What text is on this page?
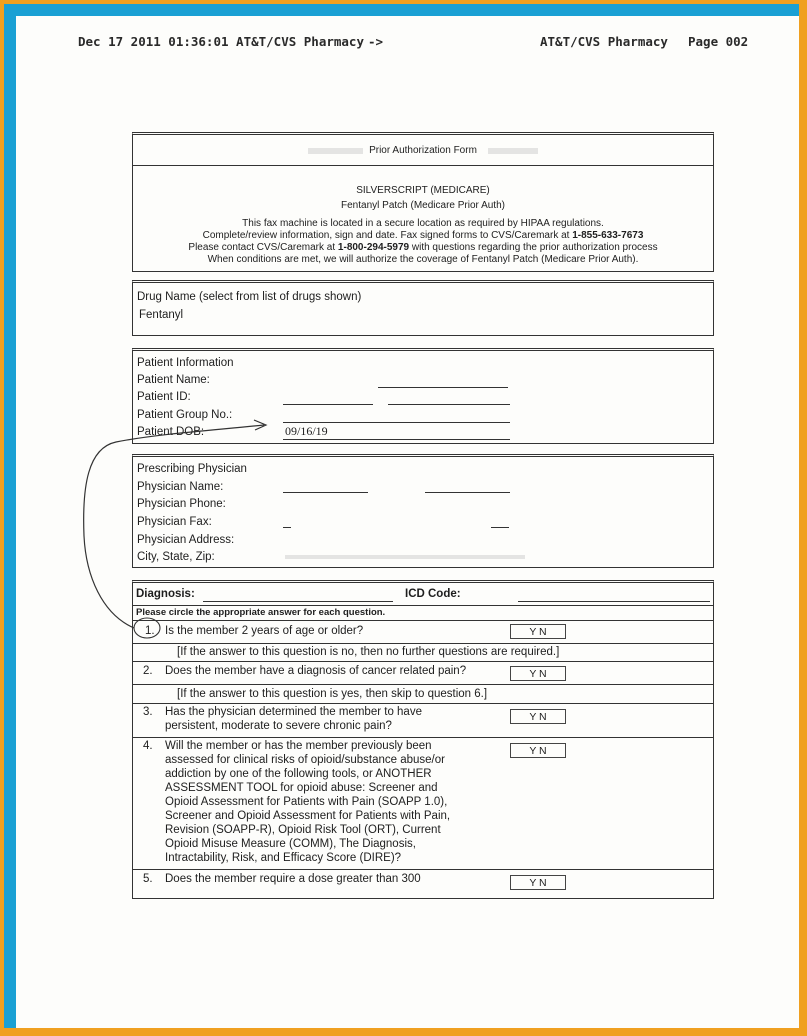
Dec 17 2011 01:36:01 AT&T/CVS Pharmacy ->	AT&T/CVS Pharmacy Page 002
Prior Authorization Form
SILVERSCRIPT (MEDICARE)
Fentanyl Patch (Medicare Prior Auth)
This fax machine is located in a secure location as required by HIPAA regulations.
Complete/review information, sign and date. Fax signed forms to CVS/Caremark at 1-855-633-7673
Please contact CVS/Caremark at 1-800-294-5979 with questions regarding the prior authorization process
When conditions are met, we will authorize the coverage of Fentanyl Patch (Medicare Prior Auth).
Drug Name (select from list of drugs shown)
Fentanyl
Patient Information
Patient Name:
Patient ID:
Patient Group No.:
Patient DOB:	09/16/19
Prescribing Physician
Physician Name:
Physician Phone:
Physician Fax:
Physician Address:
City, State, Zip:
Diagnosis:	ICD Code:
Please circle the appropriate answer for each question.
1. Is the member 2 years of age or older?	Y N
[If the answer to this question is no, then no further questions are required.]
2. Does the member have a diagnosis of cancer related pain?	Y N
[If the answer to this question is yes, then skip to question 6.]
3. Has the physician determined the member to have
persistent, moderate to severe chronic pain?
Y N
4. Will the member or has the member previously been
assessed for clinical risks of opioid/substance abuse/or
addiction by one of the following tools, or ANOTHER
ASSESSMENT TOOL for opioid abuse: Screener and
Opioid Assessment for Patients with Pain (SOAPP 1.0),
Screener and Opioid Assessment for Patients with Pain,
Revision (SOAPP-R), Opioid Risk Tool (ORT), Current
Opioid Misuse Measure (COMM), The Diagnosis,
Intractability, Risk, and Efficacy Score (DIRE)?
Y N
5. Does the member require a dose greater than 300	Y N
